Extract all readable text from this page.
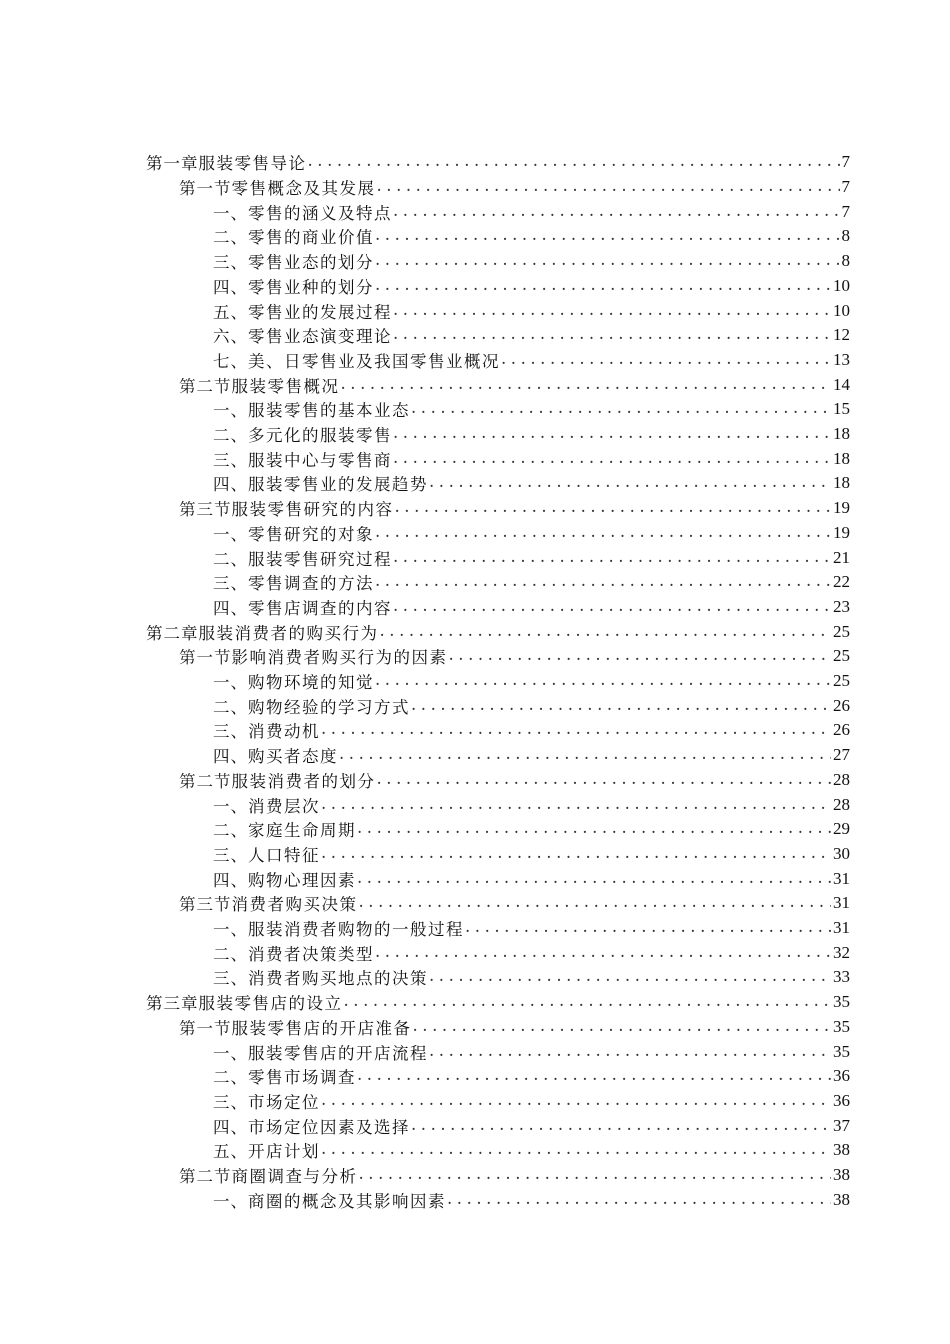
第一章 服装零售导论 .....	7
第一节 零售概念及其发展 .....	7
一、 零售的涵义及特点 .....	7
二、 零售的商业价值 .....	8
三、 零售业态的划分 .....	8
四、 零售业种的划分 .....	10
五、 零售业的发展过程 .....	10
六、 零售业态演变理论 .....	12
七、 美、日零售业及我国零售业概况 .....	13
第二节 服装零售概况 .....	14
一、 服装零售的基本业态 .....	15
二、 多元化的服装零售 .....	18
三、 服装中心与零售商 .....	18
四、 服装零售业的发展趋势 .....	18
第三节 服装零售研究的内容 .....	19
一、 零售研究的对象 .....	19
二、 服装零售研究过程 .....	21
三、 零售调查的方法 .....	22
四、 零售店调查的内容 .....	23
第二章 服装消费者的购买行为 .....	25
第一节 影响消费者购买行为的因素 .....	25
一、 购物环境的知觉 .....	25
二、 购物经验的学习方式 .....	26
三、 消费动机 .....	26
四、 购买者态度 .....	27
第二节 服装消费者的划分 .....	28
一、 消费层次 .....	28
二、 家庭生命周期 .....	29
三、 人口特征 .....	30
四、 购物心理因素 .....	31
第三节 消费者购买决策 .....	31
一、 服装消费者购物的一般过程 .....	31
二、 消费者决策类型 .....	32
三、 消费者购买地点的决策 .....	33
第三章 服装零售店的设立 .....	35
第一节 服装零售店的开店准备 .....	35
一、 服装零售店的开店流程 .....	35
二、 零售市场调查 .....	36
三、 市场定位 .....	36
四、 市场定位因素及选择 .....	37
五、 开店计划 .....	38
第二节 商圈调查与分析 .....	38
一、 商圈的概念及其影响因素 .....	38
